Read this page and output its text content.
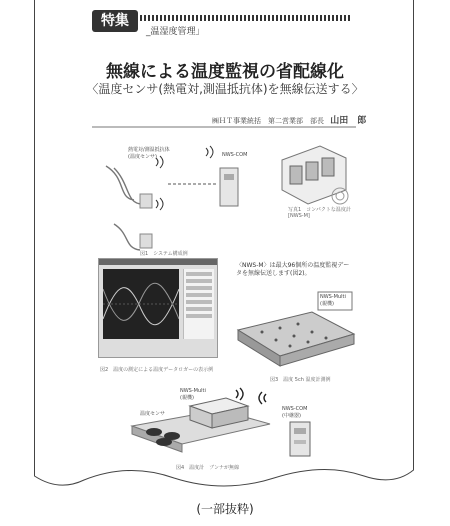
特集
_温湿度管理」
無線による温度監視の省配線化
〈温度センサ(熱電対,測温抵抗体)を無線伝送する〉
㈱ＨＴ事業統括　第二営業部　部長 山田　郎
熱電対/測温抵抗体
(温度センサ)	NWS-COM
図1　システム構成例
写真1　コンパクトな温度計
[NWS-M]
図2　温度の測定による温度データロガーの表示例
〈NWS-M〉は最大96個所の温度監視データを無線伝送します(図2)。
NWS-Multi
(親機)
図3　温度 5ch 温度計測例
NWS-Multi
(親機)
NWS-COM
(中継器)
温度センサ
図4　温度計　ブンナが無線
(一部抜粋)
